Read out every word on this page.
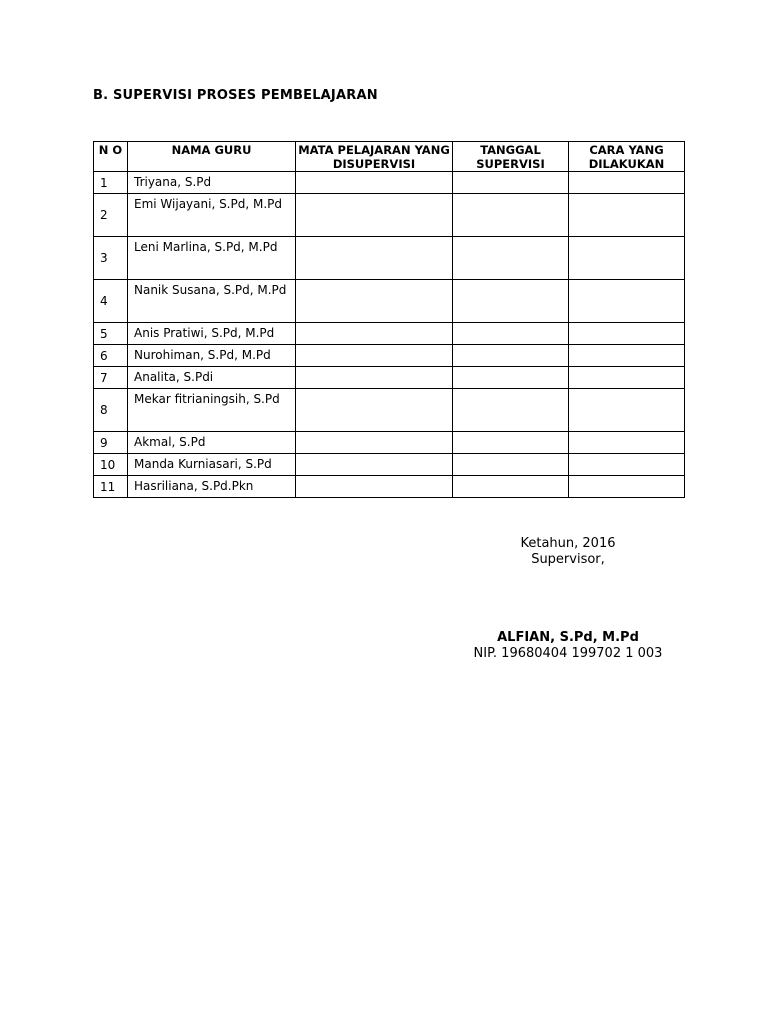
B. SUPERVISI PROSES PEMBELAJARAN
N O	NAMA GURU	MATA PELAJARAN YANG DISUPERVISI	TANGGAL SUPERVISI	CARA YANG DILAKUKAN
1	Triyana, S.Pd			
2	Emi Wijayani, S.Pd, M.Pd			
3	Leni Marlina, S.Pd, M.Pd			
4	Nanik Susana, S.Pd, M.Pd			
5	Anis Pratiwi, S.Pd, M.Pd			
6	Nurohiman, S.Pd, M.Pd			
7	Analita, S.Pdi			
8	Mekar fitrianingsih, S.Pd			
9	Akmal, S.Pd			
10	Manda Kurniasari, S.Pd			
11	Hasriliana, S.Pd.Pkn			
Ketahun, 2016
Supervisor,
ALFIAN, S.Pd, M.Pd
NIP. 19680404 199702 1 003
